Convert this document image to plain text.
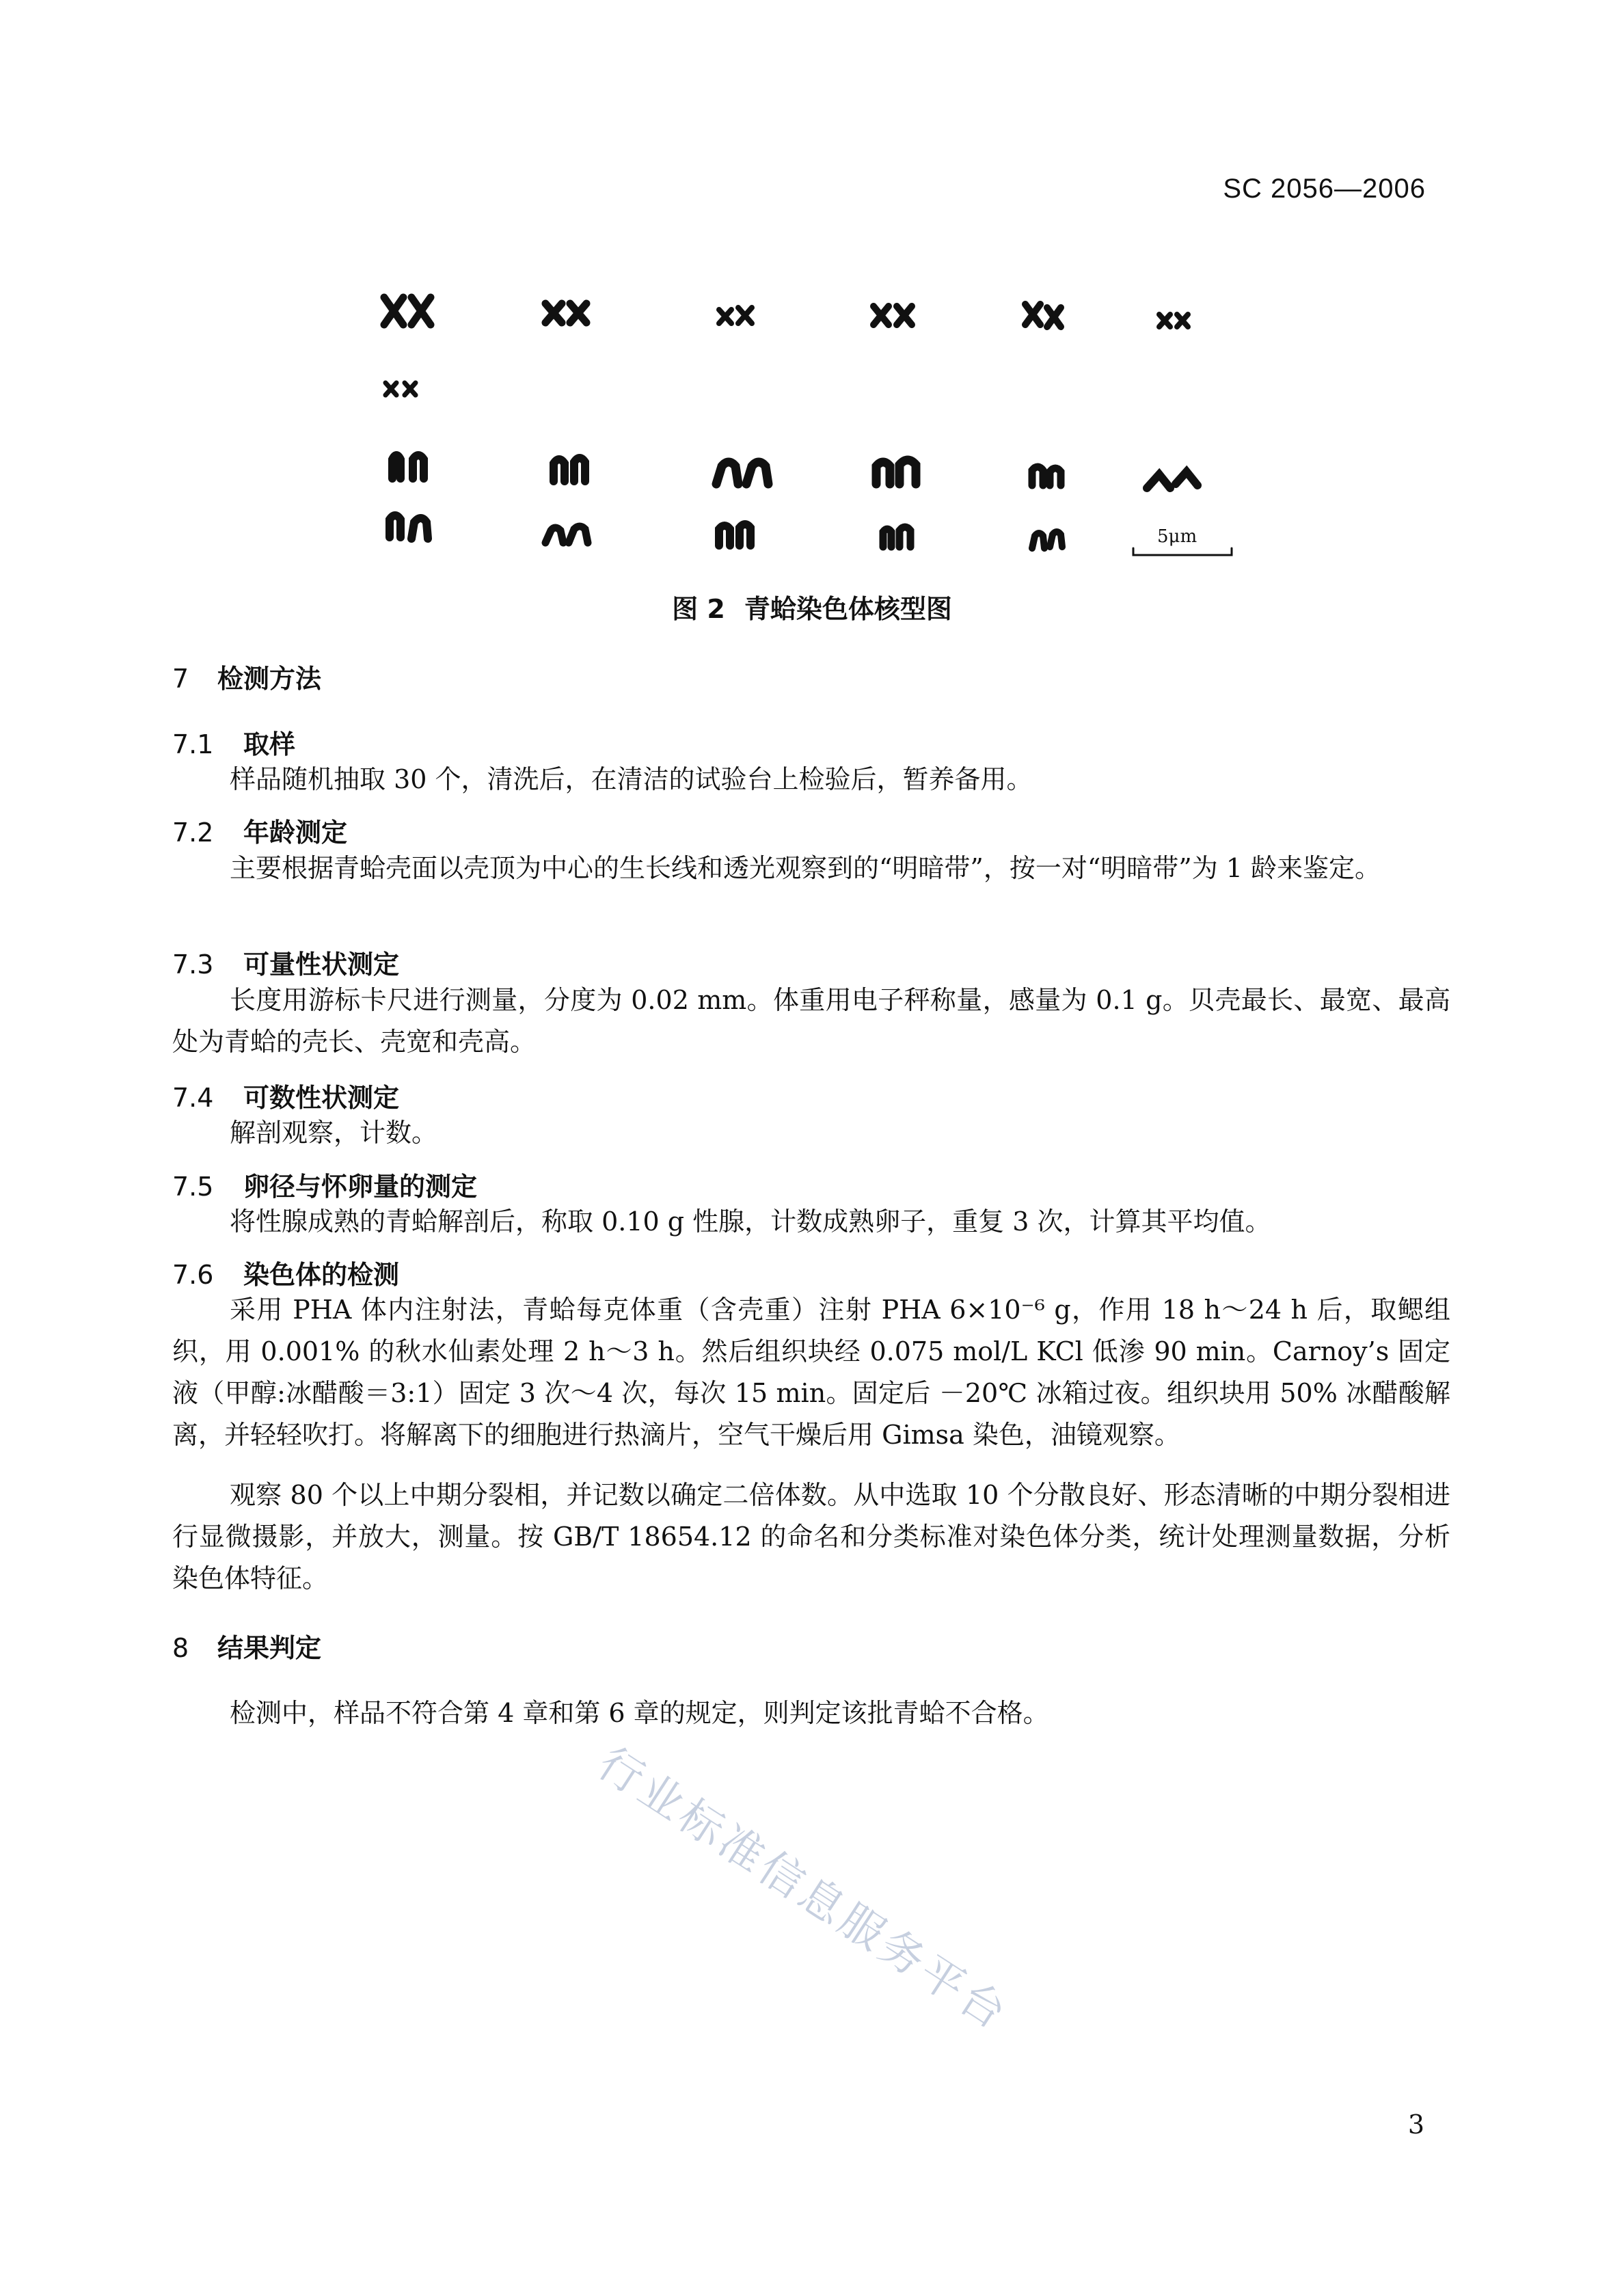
SC 2056—2006
5μm
图 2 青蛤染色体核型图
7 检测方法
7.1 取样
样品随机抽取 30 个，清洗后，在清洁的试验台上检验后，暂养备用。
7.2 年龄测定
主要根据青蛤壳面以壳顶为中心的生长线和透光观察到的“明暗带”，按一对“明暗带”为 1 龄来鉴定。
7.3 可量性状测定
长度用游标卡尺进行测量，分度为 0.02 mm。体重用电子秤称量，感量为 0.1 g。贝壳最长、最宽、最高处为青蛤的壳长、壳宽和壳高。
7.4 可数性状测定
解剖观察，计数。
7.5 卵径与怀卵量的测定
将性腺成熟的青蛤解剖后，称取 0.10 g 性腺，计数成熟卵子，重复 3 次，计算其平均值。
7.6 染色体的检测
采用 PHA 体内注射法，青蛤每克体重（含壳重）注射 PHA 6×10⁻⁶ g，作用 18 h～24 h 后，取鳃组织，用 0.001% 的秋水仙素处理 2 h～3 h。然后组织块经 0.075 mol/L KCl 低渗 90 min。Carnoy’s 固定液（甲醇:冰醋酸＝3:1）固定 3 次～4 次，每次 15 min。固定后 －20℃ 冰箱过夜。组织块用 50% 冰醋酸解离，并轻轻吹打。将解离下的细胞进行热滴片，空气干燥后用 Gimsa 染色，油镜观察。
观察 80 个以上中期分裂相，并记数以确定二倍体数。从中选取 10 个分散良好、形态清晰的中期分裂相进行显微摄影，并放大，测量。按 GB/T 18654.12 的命名和分类标准对染色体分类，统计处理测量数据，分析染色体特征。
8 结果判定
检测中，样品不符合第 4 章和第 6 章的规定，则判定该批青蛤不合格。
行业标准信息服务平台
3
